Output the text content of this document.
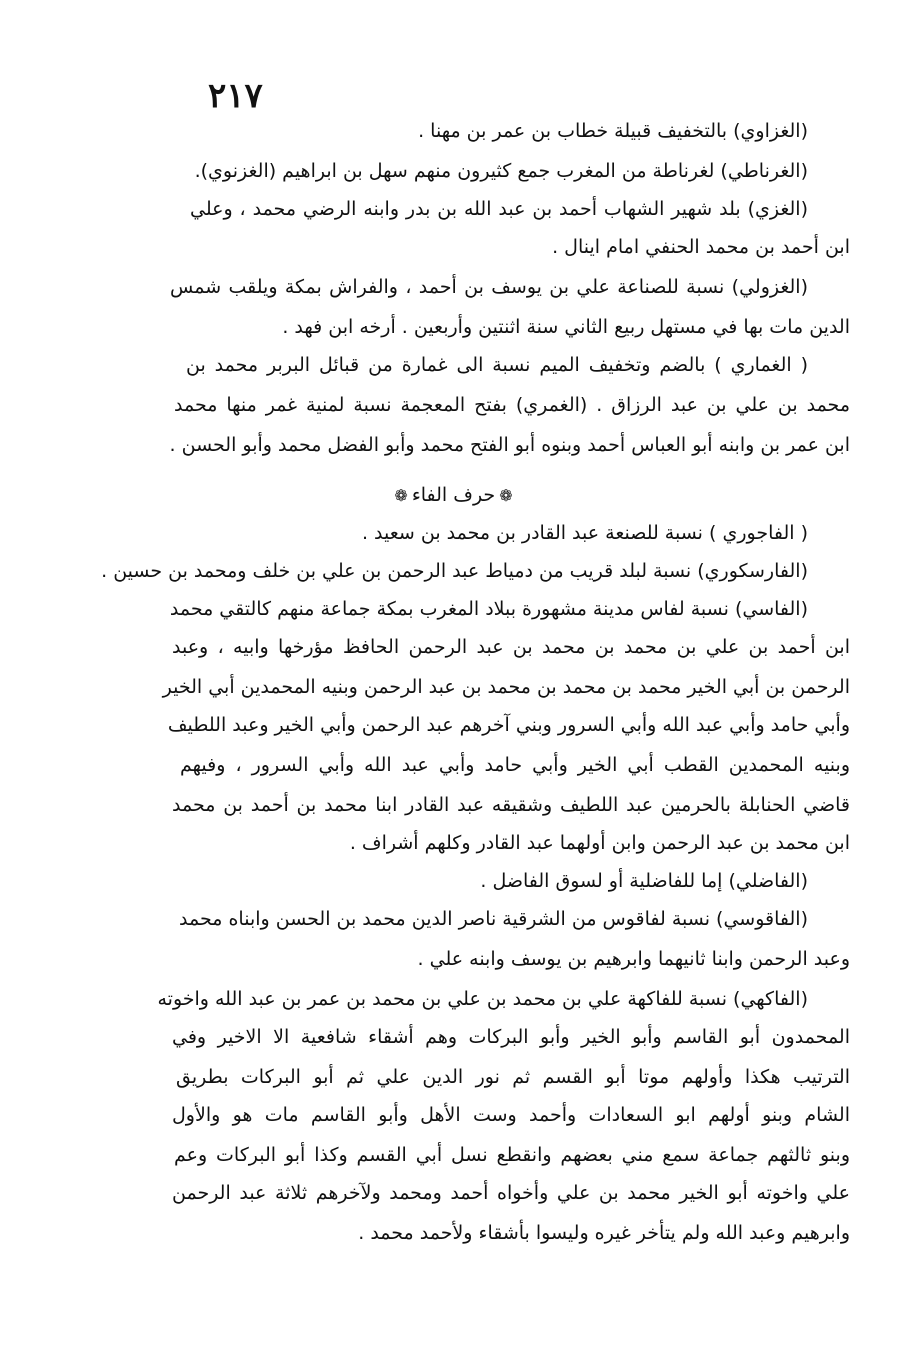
٢١٧
❁حرف الفاء❁
(الغزاوي) بالتخفيف قبيلة خطاب بن عمر بن مهنا .
(الغرناطي) لغرناطة من المغرب جمع كثيرون منهم سهل بن ابراهيم (الغزنوي).
(الغزي) بلد شهير الشهاب أحمد بن عبد الله بن بدر وابنه الرضي محمد ، وعلي
ابن أحمد بن محمد الحنفي امام اينال .
(الغزولي) نسبة للصناعة علي بن يوسف بن أحمد ، والفراش بمكة ويلقب شمس
الدين مات بها في مستهل ربيع الثاني سنة اثنتين وأربعين . أرخه ابن فهد .
( الغماري ) بالضم وتخفيف الميم نسبة الى غمارة من قبائل البربر محمد بن
محمد بن علي بن عبد الرزاق . (الغمري) بفتح المعجمة نسبة لمنية غمر منها محمد
ابن عمر بن وابنه أبو العباس أحمد وبنوه أبو الفتح محمد وأبو الفضل محمد وأبو الحسن .
( الفاجوري ) نسبة للصنعة عبد القادر بن محمد بن سعيد .
(الفارسكوري) نسبة لبلد قريب من دمياط عبد الرحمن بن علي بن خلف ومحمد بن حسين .
(الفاسي) نسبة لفاس مدينة مشهورة ببلاد المغرب بمكة جماعة منهم كالتقي محمد
ابن أحمد بن علي بن محمد بن محمد بن عبد الرحمن الحافظ مؤرخها وابيه ، وعبد
الرحمن بن أبي الخير محمد بن محمد بن محمد بن عبد الرحمن وبنيه المحمدين أبي الخير
وأبي حامد وأبي عبد الله وأبي السرور وبني آخرهم عبد الرحمن وأبي الخير وعبد اللطيف
وبنيه المحمدين القطب أبي الخير وأبي حامد وأبي عبد الله وأبي السرور ، وفيهم
قاضي الحنابلة بالحرمين عبد اللطيف وشقيقه عبد القادر ابنا محمد بن أحمد بن محمد
ابن محمد بن عبد الرحمن وابن أولهما عبد القادر وكلهم أشراف .
(الفاضلي) إما للفاضلية أو لسوق الفاضل .
(الفاقوسي) نسبة لفاقوس من الشرقية ناصر الدين محمد بن الحسن وابناه محمد
وعبد الرحمن وابنا ثانيهما وابرهيم بن يوسف وابنه علي .
(الفاكهي) نسبة للفاكهة علي بن محمد بن علي بن محمد بن عمر بن عبد الله واخوته
المحمدون أبو القاسم وأبو الخير وأبو البركات وهم أشقاء شافعية الا الاخير وفي
الترتيب هكذا وأولهم موتا أبو القسم ثم نور الدين علي ثم أبو البركات بطريق
الشام وبنو أولهم ابو السعادات وأحمد وست الأهل وأبو القاسم مات هو والأول
وبنو ثالثهم جماعة سمع مني بعضهم وانقطع نسل أبي القسم وكذا أبو البركات وعم
علي واخوته أبو الخير محمد بن علي وأخواه أحمد ومحمد ولآخرهم ثلاثة عبد الرحمن
وابرهيم وعبد الله ولم يتأخر غيره وليسوا بأشقاء ولأحمد محمد .
